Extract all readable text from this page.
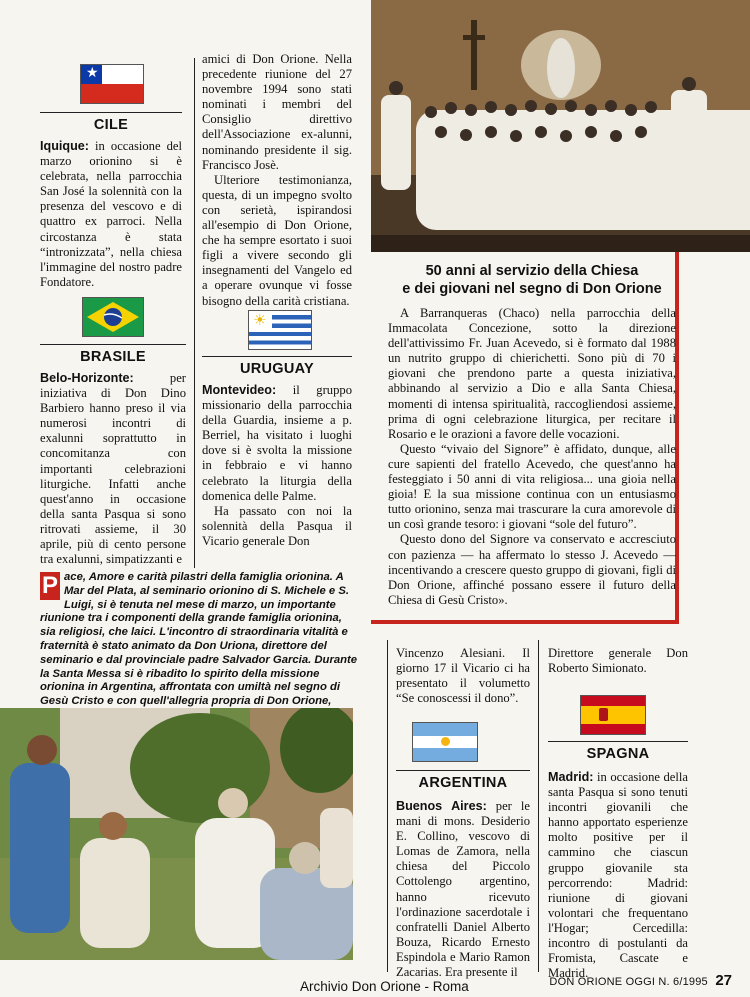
★
CILE

Iquique: in occasione del marzo orionino si è celebrata, nella parrocchia San José la solennità con la presenza del vescovo e di quattro ex parroci. Nella circostanza è stata “intronizzata”, nella chiesa l'immagine del nostro padre Fondatore.

BRASILE

Belo-Horizonte: per iniziativa di Don Dino Barbiero hanno preso il via numerosi incontri di exalunni soprattutto in concomitanza con importanti celebrazioni liturgiche. Infatti anche quest'anno in occasione della santa Pasqua si sono ritrovati assieme, il 30 aprile, più di cento persone tra exalunni, simpatizzanti e

amici di Don Orione. Nella precedente riunione del 27 novembre 1994 sono stati nominati i membri del Consiglio direttivo dell'Associazione ex-alunni, nominando presidente il sig. Francisco Josè.

Ulteriore testimonianza, questa, di un impegno svolto con serietà, ispirandosi all'esempio di Don Orione, che ha sempre esortato i suoi figli a vivere secondo gli insegnamenti del Vangelo ed a operare ovunque vi fosse bisogno della carità cristiana.

☀
URUGUAY

Montevideo: il gruppo missionario della parrocchia della Guardia, insieme a p. Berriel, ha visitato i luoghi dove si è svolta la missione in febbraio e vi hanno celebrato la liturgia della domenica delle Palme.

Ha passato con noi la solennità della Pasqua il Vicario generale Don

50 anni al servizio della Chiesa

e dei giovani nel segno di Don Orione

A Barranqueras (Chaco) nella parrocchia della Immacolata Concezione, sotto la direzione dell'attivissimo Fr. Juan Acevedo, si è formato dal 1988 un nutrito gruppo di chierichetti. Sono più di 70 i giovani che prendono parte a questa iniziativa, abbinando al servizio a Dio e alla Santa Chiesa, momenti di intensa spiritualità, raccogliendosi assieme, prima di ogni celebrazione liturgica, per recitare il Rosario e le orazioni a favore delle vocazioni.

Questo “vivaio del Signore” è affidato, dunque, alle cure sapienti del fratello Acevedo, che quest'anno ha festeggiato i 50 anni di vita religiosa... una gioia nella gioia! E la sua missione continua con un entusiasmo tutto orionino, senza mai trascurare la cura amorevole di un così grande tesoro: i giovani “sole del futuro”.

Questo dono del Signore va conservato e accresciuto con pazienza — ha affermato lo stesso J. Acevedo — incentivando a crescere questo gruppo di giovani, figli di Don Orione, affinché possano essere il futuro della Chiesa di Gesù Cristo».

P ace, Amore e carità pilastri della famiglia orionina. A Mar del Plata, al seminario orionino di S. Michele e S. Luigi, si è tenuta nel mese di marzo, un importante riunione tra i componenti della grande famiglia orionina, sia religiosi, che laici. L'incontro di straordinaria vitalità e fraternità è stato animato da Don Uriona, direttore del seminario e dal provinciale padre Salvador Garcia. Durante la Santa Messa si è ribadito lo spirito della missione orionina in Argentina, affrontata con umiltà nel segno di Gesù Cristo e con quell'allegria propria di Don Orione,

Vincenzo Alesiani. Il giorno 17 il Vicario ci ha presentato il volumetto “Se conoscessi il dono”.

ARGENTINA

Buenos Aires: per le mani di mons. Desiderio E. Collino, vescovo di Lomas de Zamora, nella chiesa del Piccolo Cottolengo argentino, hanno ricevuto l'ordinazione sacerdotale i confratelli Daniel Alberto Bouza, Ricardo Ernesto Espindola e Mario Ramon Zacarias. Era presente il

Direttore generale Don Roberto Simionato.

SPAGNA

Madrid: in occasione della santa Pasqua si sono tenuti incontri giovanili che hanno apportato esperienze molto positive per il cammino che ciascun gruppo giovanile sta percorrendo: Madrid: riunione di giovani volontari che frequentano l'Hogar; Cercedilla: incontro di postulanti da Fromista, Cascate e Madrid.

DON ORIONE OGGI N. 6/1995 27
Archivio Don Orione - Roma
